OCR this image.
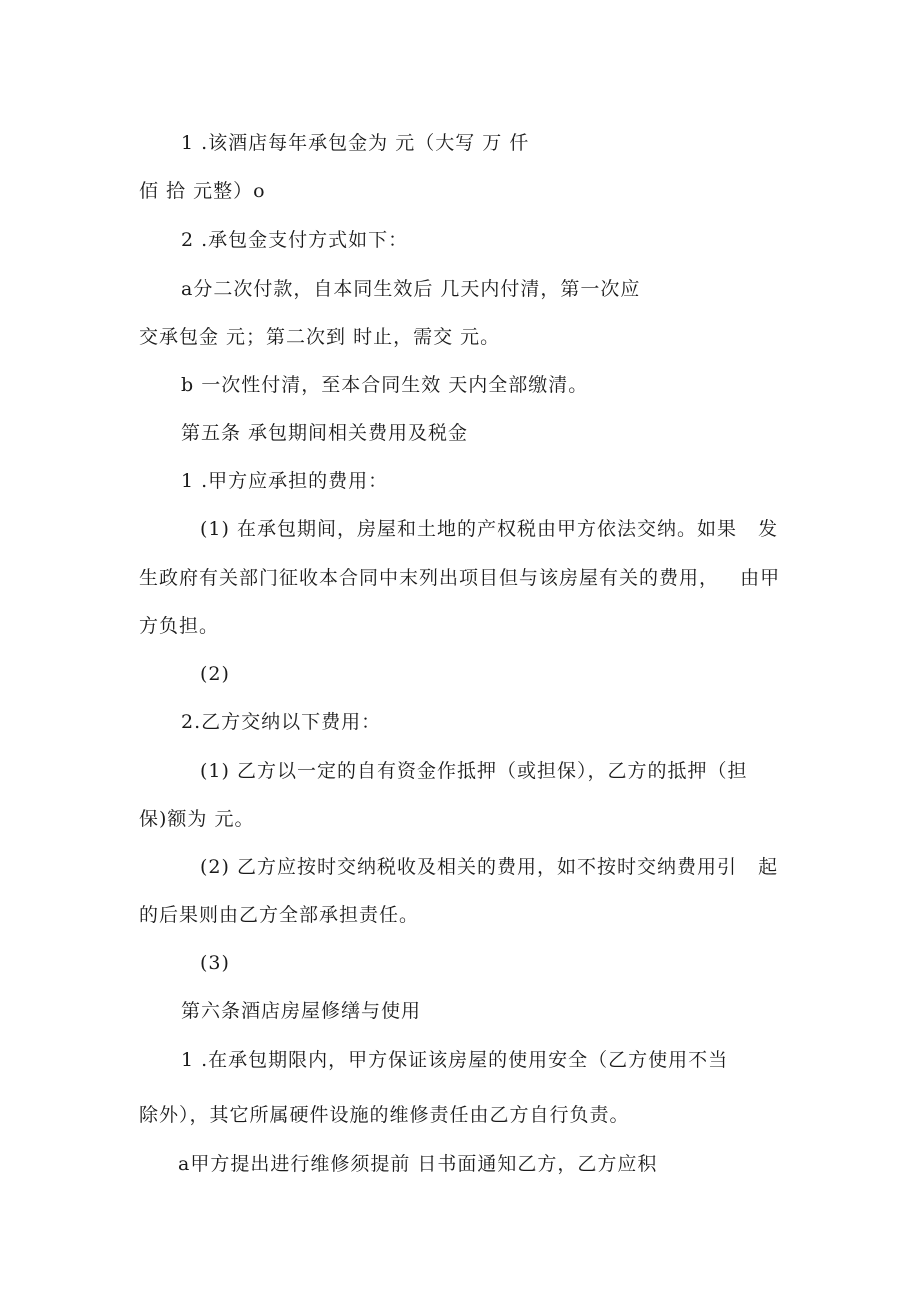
1 .该酒店每年承包金为 元（大写 万 仟
佰 拾 元整）o
2 .承包金支付方式如下：
a分二次付款，自本同生效后 几天内付清，第一次应
交承包金 元；第二次到 时止，需交 元。
b 一次性付清，至本合同生效 天内全部缴清。
第五条 承包期间相关费用及税金
1 .甲方应承担的费用：
(1) 在承包期间，房屋和土地的产权税由甲方依法交纳。如果   发
生政府有关部门征收本合同中末列出项目但与该房屋有关的费用，   由甲
方负担。
(2)
2.乙方交纳以下费用：
(1) 乙方以一定的自有资金作抵押（或担保），乙方的抵押（担
保)额为 元。
(2) 乙方应按时交纳税收及相关的费用，如不按时交纳费用引   起
的后果则由乙方全部承担责任。
(3)
第六条酒店房屋修缮与使用
1 .在承包期限内，甲方保证该房屋的使用安全（乙方使用不当
除外），其它所属硬件设施的维修责任由乙方自行负责。
a甲方提出进行维修须提前 日书面通知乙方，乙方应积
